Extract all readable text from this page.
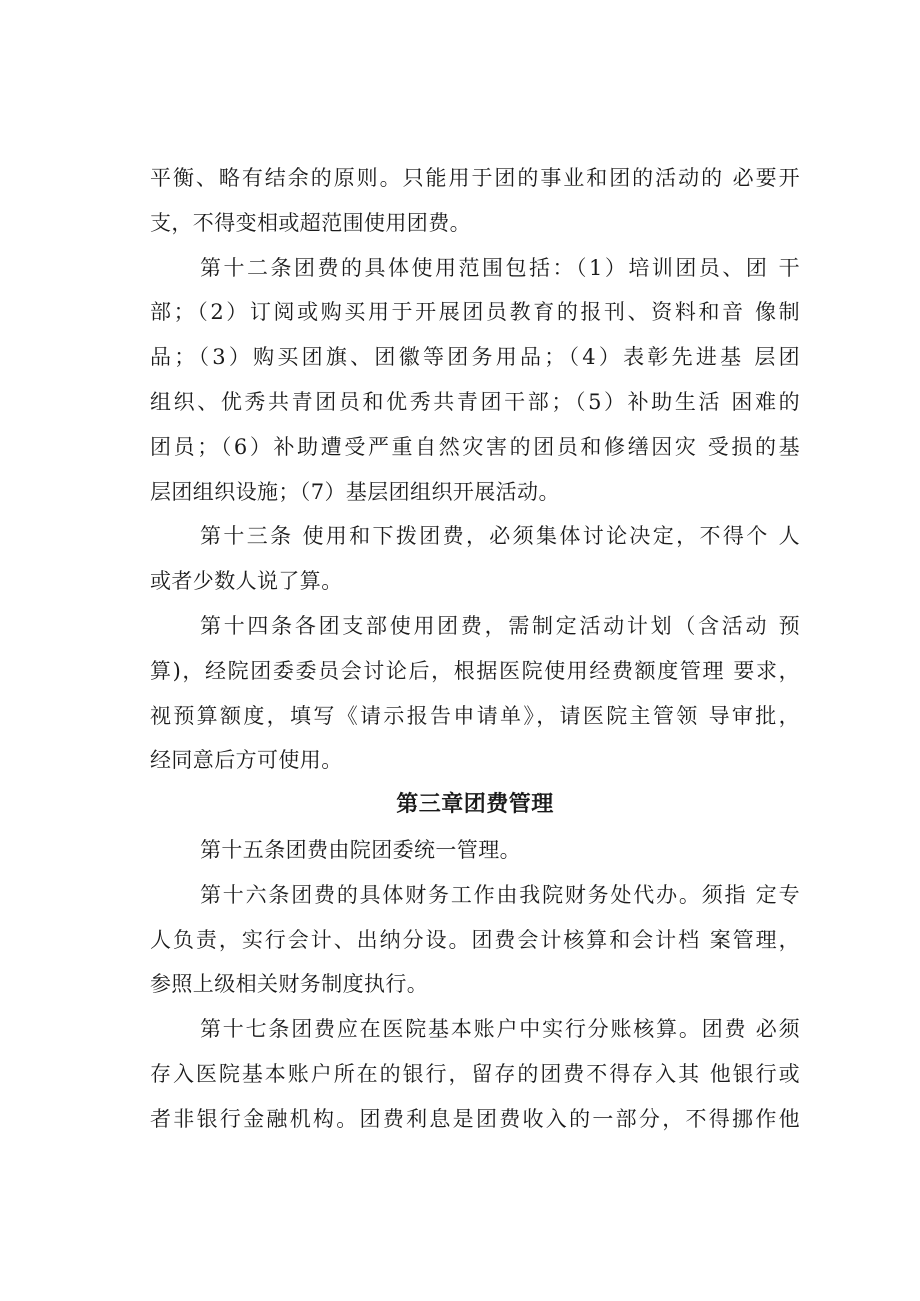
平衡、略有结余的原则。只能用于团的事业和团的活动的 必要开
支，不得变相或超范围使用团费。
第十二条团费的具体使用范围包括：（1）培训团员、团 干
部；（2）订阅或购买用于开展团员教育的报刊、资料和音 像制
品；（3）购买团旗、团徽等团务用品；（4）表彰先进基 层团
组织、优秀共青团员和优秀共青团干部；（5）补助生活 困难的
团员；（6）补助遭受严重自然灾害的团员和修缮因灾 受损的基
层团组织设施；（7）基层团组织开展活动。
第十三条 使用和下拨团费，必须集体讨论决定，不得个 人
或者少数人说了算。
第十四条各团支部使用团费，需制定活动计划（含活动 预
算)，经院团委委员会讨论后，根据医院使用经费额度管理 要求，
视预算额度，填写《请示报告申请单》，请医院主管领 导审批，
经同意后方可使用。
第三章团费管理
第十五条团费由院团委统一管理。
第十六条团费的具体财务工作由我院财务处代办。须指 定专
人负责，实行会计、出纳分设。团费会计核算和会计档 案管理，
参照上级相关财务制度执行。
第十七条团费应在医院基本账户中实行分账核算。团费 必须
存入医院基本账户所在的银行，留存的团费不得存入其 他银行或
者非银行金融机构。团费利息是团费收入的一部分，不得挪作他
